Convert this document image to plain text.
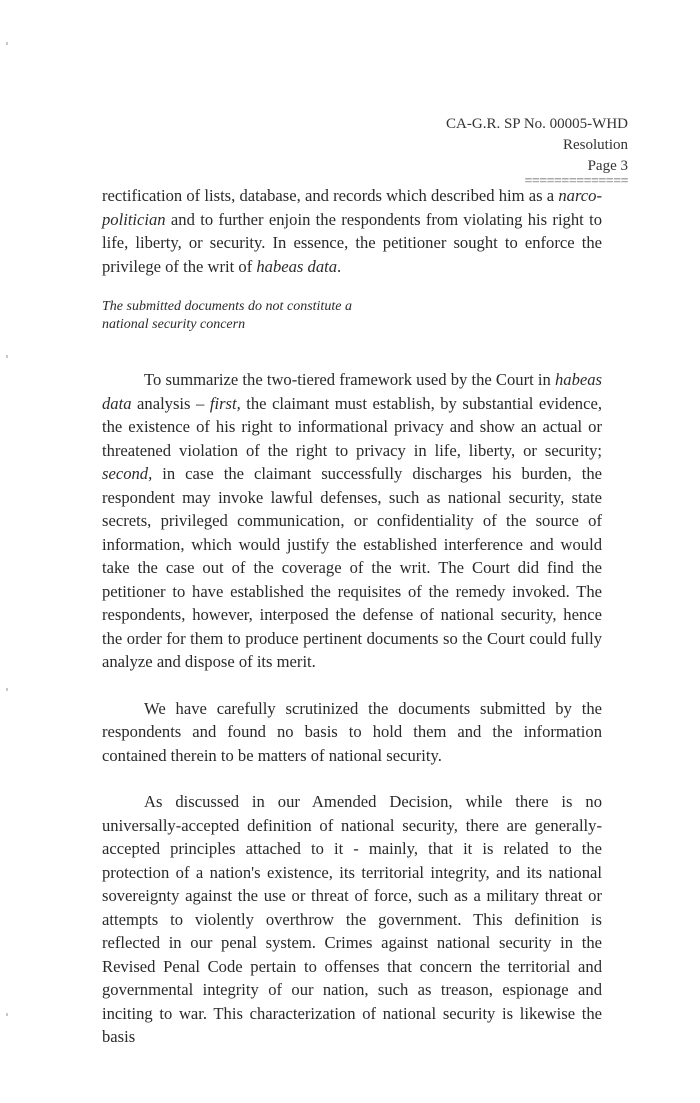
CA-G.R. SP No. 00005-WHD
Resolution
Page 3
==============

rectification of lists, database, and records which described him as a narco-politician and to further enjoin the respondents from violating his right to life, liberty, or security. In essence, the petitioner sought to enforce the privilege of the writ of habeas data.

The submitted documents do not constitute a national security concern

To summarize the two-tiered framework used by the Court in habeas data analysis – first, the claimant must establish, by substantial evidence, the existence of his right to informational privacy and show an actual or threatened violation of the right to privacy in life, liberty, or security; second, in case the claimant successfully discharges his burden, the respondent may invoke lawful defenses, such as national security, state secrets, privileged communication, or confidentiality of the source of information, which would justify the established interference and would take the case out of the coverage of the writ. The Court did find the petitioner to have established the requisites of the remedy invoked. The respondents, however, interposed the defense of national security, hence the order for them to produce pertinent documents so the Court could fully analyze and dispose of its merit.

We have carefully scrutinized the documents submitted by the respondents and found no basis to hold them and the information contained therein to be matters of national security.

As discussed in our Amended Decision, while there is no universally-accepted definition of national security, there are generally-accepted principles attached to it - mainly, that it is related to the protection of a nation's existence, its territorial integrity, and its national sovereignty against the use or threat of force, such as a military threat or attempts to violently overthrow the government. This definition is reflected in our penal system. Crimes against national security in the Revised Penal Code pertain to offenses that concern the territorial and governmental integrity of our nation, such as treason, espionage and inciting to war. This characterization of national security is likewise the basis
